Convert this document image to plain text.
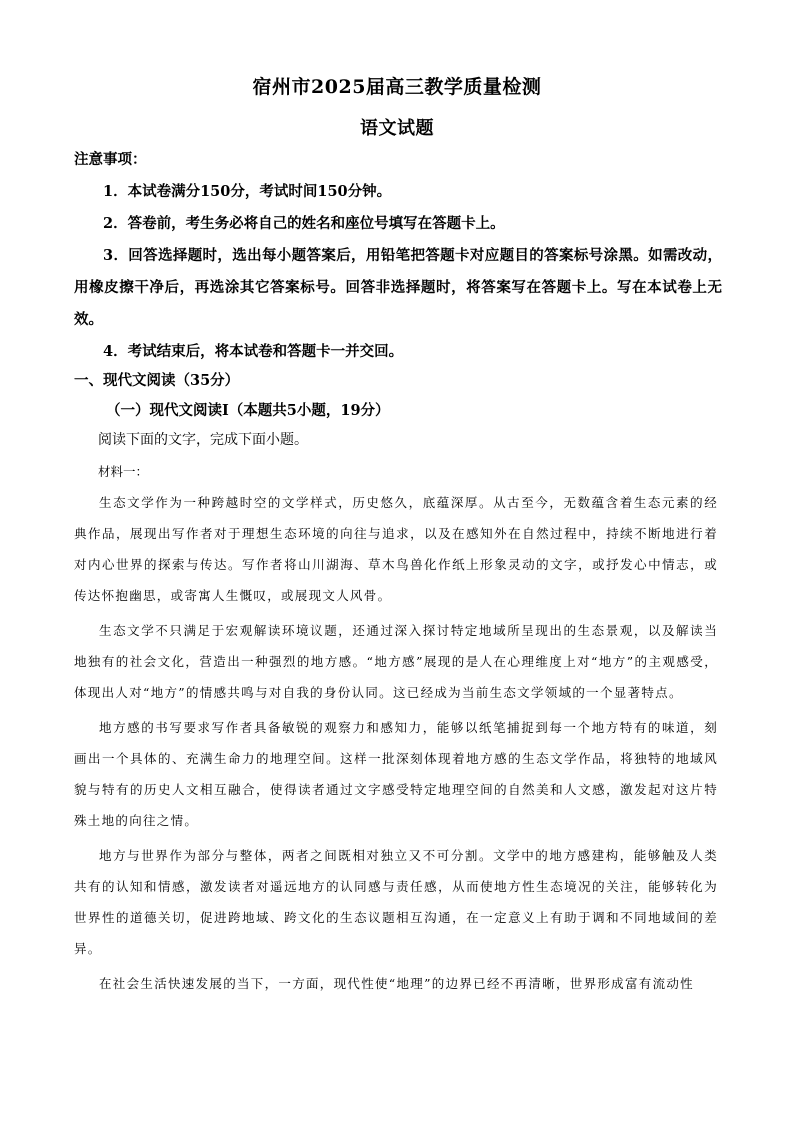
宿州市2025届高三教学质量检测
语文试题

注意事项：

1．本试卷满分150分，考试时间150分钟。
2．答卷前，考生务必将自己的姓名和座位号填写在答题卡上。
3．回答选择题时，选出每小题答案后，用铅笔把答题卡对应题目的答案标号涂黑。如需改动，用橡皮擦干净后，再选涂其它答案标号。回答非选择题时，将答案写在答题卡上。写在本试卷上无效。
4．考试结束后，将本试卷和答题卡一并交回。

一、现代文阅读（35分）

（一）现代文阅读Ⅰ（本题共5小题，19分）

阅读下面的文字，完成下面小题。

材料一：

生态文学作为一种跨越时空的文学样式，历史悠久，底蕴深厚。从古至今，无数蕴含着生态元素的经典作品，展现出写作者对于理想生态环境的向往与追求，以及在感知外在自然过程中，持续不断地进行着对内心世界的探索与传达。写作者将山川湖海、草木鸟兽化作纸上形象灵动的文字，或抒发心中情志，或传达怀抱幽思，或寄寓人生慨叹，或展现文人风骨。

生态文学不只满足于宏观解读环境议题，还通过深入探讨特定地域所呈现出的生态景观，以及解读当地独有的社会文化，营造出一种强烈的地方感。“地方感”展现的是人在心理维度上对“地方”的主观感受，体现出人对“地方”的情感共鸣与对自我的身份认同。这已经成为当前生态文学领域的一个显著特点。

地方感的书写要求写作者具备敏锐的观察力和感知力，能够以纸笔捕捉到每一个地方特有的味道，刻画出一个具体的、充满生命力的地理空间。这样一批深刻体现着地方感的生态文学作品，将独特的地域风貌与特有的历史人文相互融合，使得读者通过文字感受特定地理空间的自然美和人文感，激发起对这片特殊土地的向往之情。

地方与世界作为部分与整体，两者之间既相对独立又不可分割。文学中的地方感建构，能够触及人类共有的认知和情感，激发读者对遥远地方的认同感与责任感，从而使地方性生态境况的关注，能够转化为世界性的道德关切，促进跨地域、跨文化的生态议题相互沟通，在一定意义上有助于调和不同地域间的差异。

在社会生活快速发展的当下，一方面，现代性使“地理”的边界已经不再清晰，世界形成富有流动性
